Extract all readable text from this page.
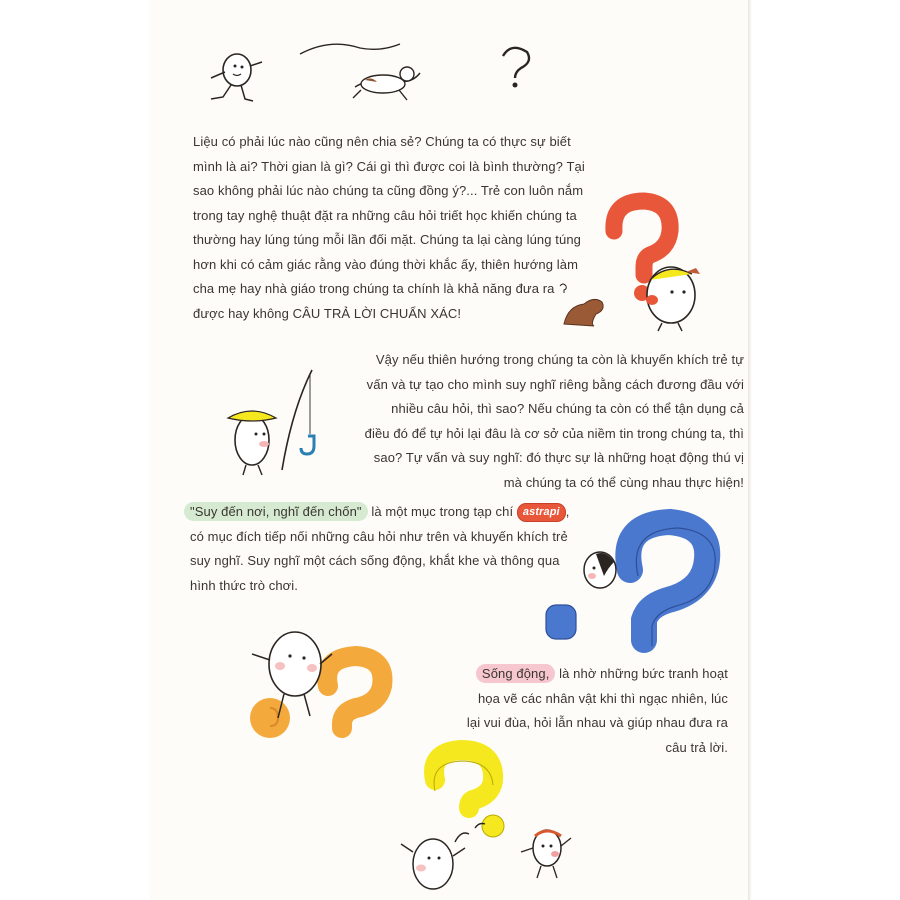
Liệu có phải lúc nào cũng nên chia sẻ? Chúng ta có thực sự biết mình là ai? Thời gian là gì? Cái gì thì được coi là bình thường? Tại sao không phải lúc nào chúng ta cũng đồng ý?... Trẻ con luôn nắm trong tay nghệ thuật đặt ra những câu hỏi triết học khiến chúng ta thường hay lúng túng mỗi lần đối mặt. Chúng ta lại càng lúng túng hơn khi có cảm giác rằng vào đúng thời khắc ấy, thiên hướng làm cha mẹ hay nhà giáo trong chúng ta chính là khả năng đưa ra được hay không CÂU TRẢ LỜI CHUẨN XÁC!

Vậy nếu thiên hướng trong chúng ta còn là khuyến khích trẻ tự vấn và tự tạo cho mình suy nghĩ riêng bằng cách đương đầu với nhiều câu hỏi, thì sao? Nếu chúng ta còn có thể tận dụng cả điều đó để tự hỏi lại đâu là cơ sở của niềm tin trong chúng ta, thì sao? Tự vấn và suy nghĩ: đó thực sự là những hoạt động thú vị mà chúng ta có thể cùng nhau thực hiện!

"Suy đến nơi, nghĩ đến chốn" là một mục trong tạp chí astrapi , có mục đích tiếp nối những câu hỏi như trên và khuyến khích trẻ suy nghĩ. Suy nghĩ một cách sống động, khắt khe và thông qua hình thức trò chơi.

Sống động, là nhờ những bức tranh hoạt họa vẽ các nhân vật khi thì ngạc nhiên, lúc lại vui đùa, hỏi lẫn nhau và giúp nhau đưa ra câu trả lời.
